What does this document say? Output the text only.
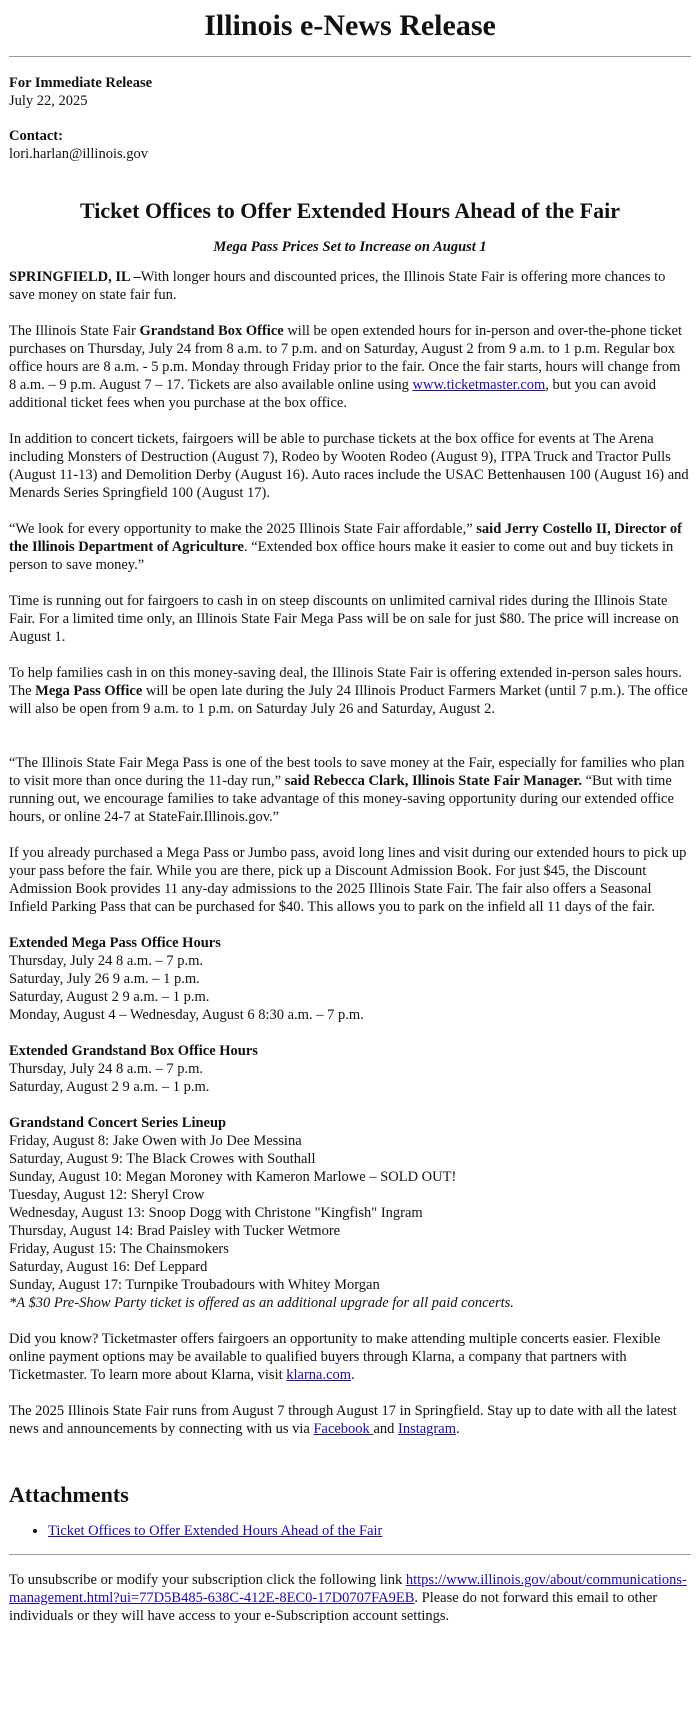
Illinois e-News Release

For Immediate Release

July 22, 2025

Contact:

lori.harlan@illinois.gov

Ticket Offices to Offer Extended Hours Ahead of the Fair

Mega Pass Prices Set to Increase on August 1

SPRINGFIELD, IL –With longer hours and discounted prices, the Illinois State Fair is offering more chances to save money on state fair fun.

The Illinois State Fair Grandstand Box Office will be open extended hours for in-person and over-the-phone ticket purchases on Thursday, July 24 from 8 a.m. to 7 p.m. and on Saturday, August 2 from 9 a.m. to 1 p.m. Regular box office hours are 8 a.m. - 5 p.m. Monday through Friday prior to the fair. Once the fair starts, hours will change from 8 a.m. – 9 p.m. August 7 – 17. Tickets are also available online using www.ticketmaster.com, but you can avoid additional ticket fees when you purchase at the box office.

In addition to concert tickets, fairgoers will be able to purchase tickets at the box office for events at The Arena including Monsters of Destruction (August 7), Rodeo by Wooten Rodeo (August 9), ITPA Truck and Tractor Pulls (August 11-13) and Demolition Derby (August 16). Auto races include the USAC Bettenhausen 100 (August 16) and Menards Series Springfield 100 (August 17).

“We look for every opportunity to make the 2025 Illinois State Fair affordable,” said Jerry Costello II, Director of the Illinois Department of Agriculture. “Extended box office hours make it easier to come out and buy tickets in person to save money.”

Time is running out for fairgoers to cash in on steep discounts on unlimited carnival rides during the Illinois State Fair. For a limited time only, an Illinois State Fair Mega Pass will be on sale for just $80. The price will increase on August 1.

To help families cash in on this money-saving deal, the Illinois State Fair is offering extended in-person sales hours. The Mega Pass Office will be open late during the July 24 Illinois Product Farmers Market (until 7 p.m.). The office will also be open from 9 a.m. to 1 p.m. on Saturday July 26 and Saturday, August 2.

“The Illinois State Fair Mega Pass is one of the best tools to save money at the Fair, especially for families who plan to visit more than once during the 11-day run,” said Rebecca Clark, Illinois State Fair Manager. “But with time running out, we encourage families to take advantage of this money-saving opportunity during our extended office hours, or online 24-7 at StateFair.Illinois.gov.”

If you already purchased a Mega Pass or Jumbo pass, avoid long lines and visit during our extended hours to pick up your pass before the fair. While you are there, pick up a Discount Admission Book. For just $45, the Discount Admission Book provides 11 any-day admissions to the 2025 Illinois State Fair. The fair also offers a Seasonal Infield Parking Pass that can be purchased for $40. This allows you to park on the infield all 11 days of the fair.

Extended Mega Pass Office Hours
Thursday, July 24 8 a.m. – 7 p.m.
Saturday, July 26 9 a.m. – 1 p.m.
Saturday, August 2 9 a.m. – 1 p.m.
Monday, August 4 – Wednesday, August 6 8:30 a.m. – 7 p.m.
Extended Grandstand Box Office Hours
Thursday, July 24 8 a.m. – 7 p.m.
Saturday, August 2 9 a.m. – 1 p.m.
Grandstand Concert Series Lineup
Friday, August 8: Jake Owen with Jo Dee Messina
Saturday, August 9: The Black Crowes with Southall
Sunday, August 10: Megan Moroney with Kameron Marlowe – SOLD OUT!
Tuesday, August 12: Sheryl Crow
Wednesday, August 13: Snoop Dogg with Christone "Kingfish" Ingram
Thursday, August 14: Brad Paisley with Tucker Wetmore
Friday, August 15: The Chainsmokers
Saturday, August 16: Def Leppard
Sunday, August 17: Turnpike Troubadours with Whitey Morgan
*A $30 Pre-Show Party ticket is offered as an additional upgrade for all paid concerts.

Did you know? Ticketmaster offers fairgoers an opportunity to make attending multiple concerts easier. Flexible online payment options may be available to qualified buyers through Klarna, a company that partners with Ticketmaster. To learn more about Klarna, visit klarna.com.

The 2025 Illinois State Fair runs from August 7 through August 17 in Springfield. Stay up to date with all the latest news and announcements by connecting with us via Facebook and Instagram.

Attachments
• Ticket Offices to Offer Extended Hours Ahead of the Fair

To unsubscribe or modify your subscription click the following link https://www.illinois.gov/about/communications-management.html?ui=77D5B485-638C-412E-8EC0-17D0707FA9EB. Please do not forward this email to other individuals or they will have access to your e-Subscription account settings.
